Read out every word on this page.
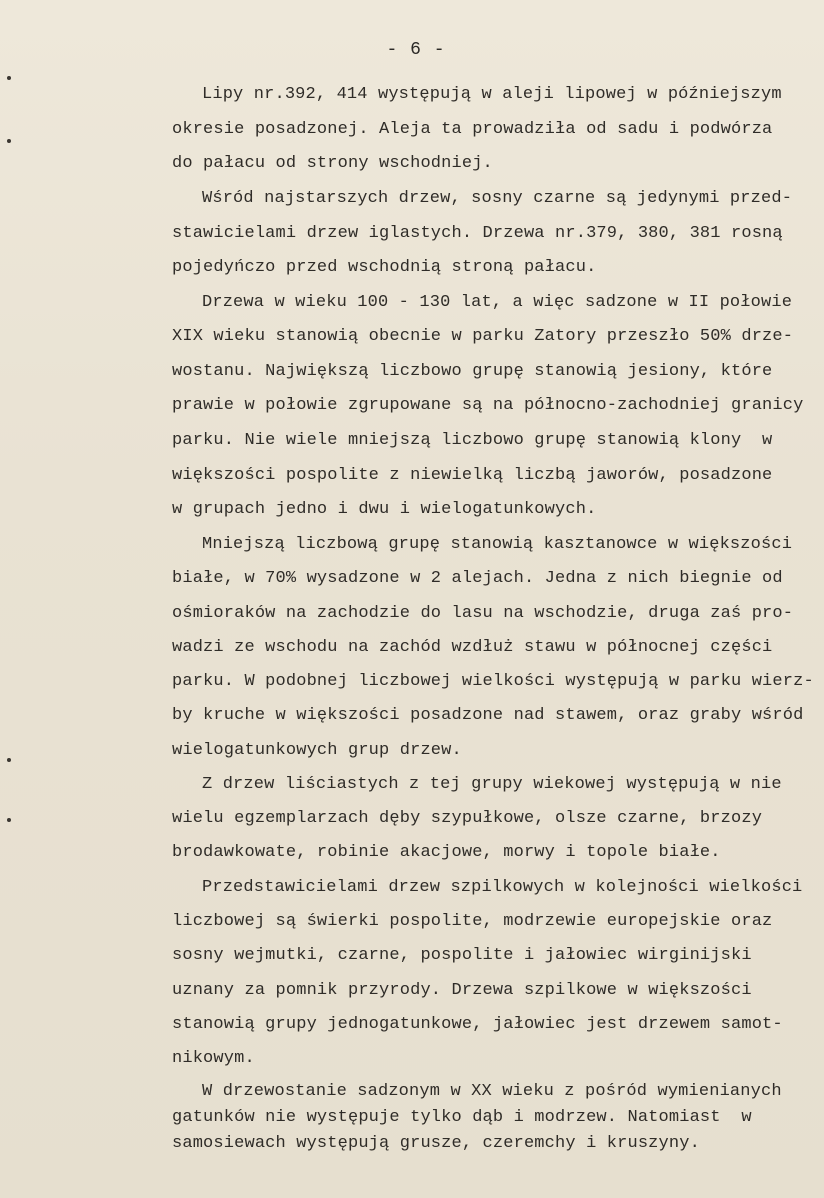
- 6 -
Lipy nr.392, 414 występują w aleji lipowej w późniejszym
okresie posadzonej. Aleja ta prowadziła od sadu i podwórza
do pałacu od strony wschodniej.
Wśród najstarszych drzew, sosny czarne są jedynymi przed-
stawicielami drzew iglastych. Drzewa nr.379, 380, 381 rosną
pojedyńczo przed wschodnią stroną pałacu.
Drzewa w wieku 100 - 130 lat, a więc sadzone w II połowie
XIX wieku stanowią obecnie w parku Zatory przeszło 50% drze-
wostanu. Największą liczbowo grupę stanowią jesiony, które
prawie w połowie zgrupowane są na północno-zachodniej granicy
parku. Nie wiele mniejszą liczbowo grupę stanowią klony  w
większości pospolite z niewielką liczbą jaworów, posadzone
w grupach jedno i dwu i wielogatunkowych.
Mniejszą liczbową grupę stanowią kasztanowce w większości
białe, w 70% wysadzone w 2 alejach. Jedna z nich biegnie od
ośmioraków na zachodzie do lasu na wschodzie, druga zaś pro-
wadzi ze wschodu na zachód wzdłuż stawu w północnej części
parku. W podobnej liczbowej wielkości występują w parku wierz-
by kruche w większości posadzone nad stawem, oraz graby wśród
wielogatunkowych grup drzew.
Z drzew liściastych z tej grupy wiekowej występują w nie
wielu egzemplarzach dęby szypułkowe, olsze czarne, brzozy
brodawkowate, robinie akacjowe, morwy i topole białe.
Przedstawicielami drzew szpilkowych w kolejności wielkości
liczbowej są świerki pospolite, modrzewie europejskie oraz
sosny wejmutki, czarne, pospolite i jałowiec wirginijski
uznany za pomnik przyrody. Drzewa szpilkowe w większości
stanowią grupy jednogatunkowe, jałowiec jest drzewem samot-
nikowym.
W drzewostanie sadzonym w XX wieku z pośród wymienianych
gatunków nie występuje tylko dąb i modrzew. Natomiast  w
samosiewach występują grusze, czeremchy i kruszyny.
